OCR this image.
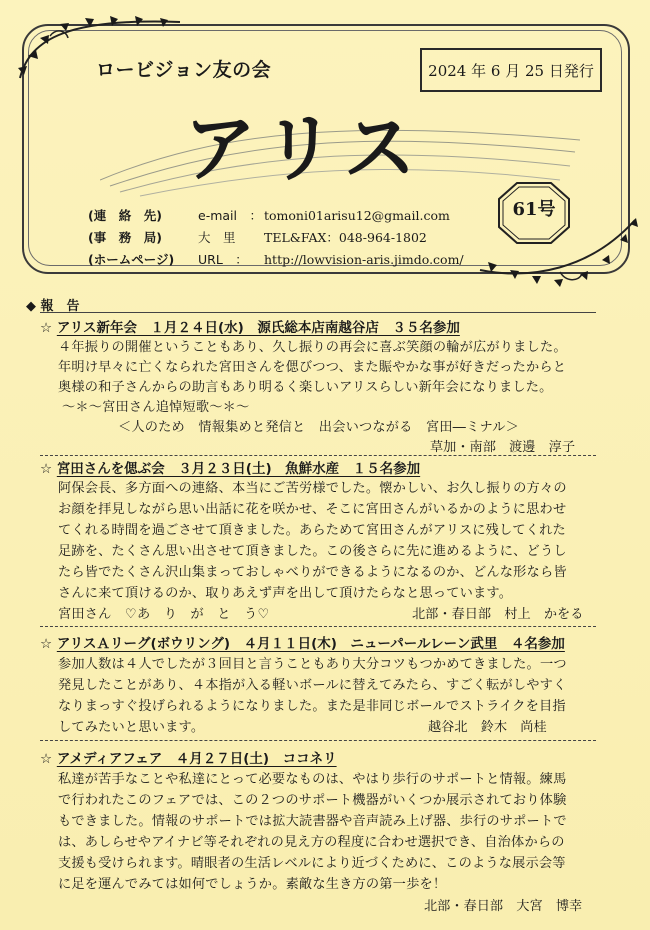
ロービジョン友の会	2024 年 6 月 25 日発行
アリス
61号
(連　絡　先)	e-mail　： tomoni01arisu12@gmail.com
(事　務　局)	大　里 TEL&FAX：048-964-1802
(ホームページ) URL　： http://lowvision-aris.jimdo.com/
◆ 報　告
☆ アリス新年会　１月２４日(水)　源氏総本店南越谷店　３５名参加
４年振りの開催ということもあり、久し振りの再会に喜ぶ笑顔の輪が広がりました。
年明け早々に亡くなられた宮田さんを偲びつつ、また賑やかな事が好きだったからと
奥様の和子さんからの助言もあり明るく楽しいアリスらしい新年会になりました。
～＊～宮田さん追悼短歌～＊～
＜人のため　情報集めと発信と　出会いつながる　宮田―ミナル＞
草加・南部　渡邊　淳子
☆ 宮田さんを偲ぶ会　３月２３日(土)　魚鮮水産　１５名参加
阿保会長、多方面への連絡、本当にご苦労様でした。懐かしい、お久し振りの方々の
お顔を拝見しながら思い出話に花を咲かせ、そこに宮田さんがいるかのように思わせ
てくれる時間を過ごさせて頂きました。あらためて宮田さんがアリスに残してくれた
足跡を、たくさん思い出させて頂きました。この後さらに先に進めるように、どうし
たら皆でたくさん沢山集まっておしゃべりができるようになるのか、どんな形なら皆
さんに来て頂けるのか、取りあえず声を出して頂けたらなと思っています。
宮田さん　♡あ　り　が　と　う♡	北部・春日部　村上　かをる
☆ アリスＡリーグ(ボウリング)　４月１１日(木)　ニューパールレーン武里　４名参加
参加人数は４人でしたが３回目と言うこともあり大分コツもつかめてきました。一つ
発見したことがあり、４本指が入る軽いボールに替えてみたら、すごく転がしやすく
なりまっすぐ投げられるようになりました。また是非同じボールでストライクを目指
してみたいと思います。	越谷北　鈴木　尚桂
☆ アメディアフェア　４月２７日(土)　ココネリ
私達が苦手なことや私達にとって必要なものは、やはり歩行のサポートと情報。練馬
で行われたこのフェアでは、この２つのサポート機器がいくつか展示されており体験
もできました。情報のサポートでは拡大読書器や音声読み上げ器、歩行のサポートで
は、あしらせやアイナビ等それぞれの見え方の程度に合わせ選択でき、自治体からの
支援も受けられます。晴眼者の生活レベルにより近づくために、このような展示会等
に足を運んでみては如何でしょうか。素敵な生き方の第一歩を！
北部・春日部　大宮　博幸
